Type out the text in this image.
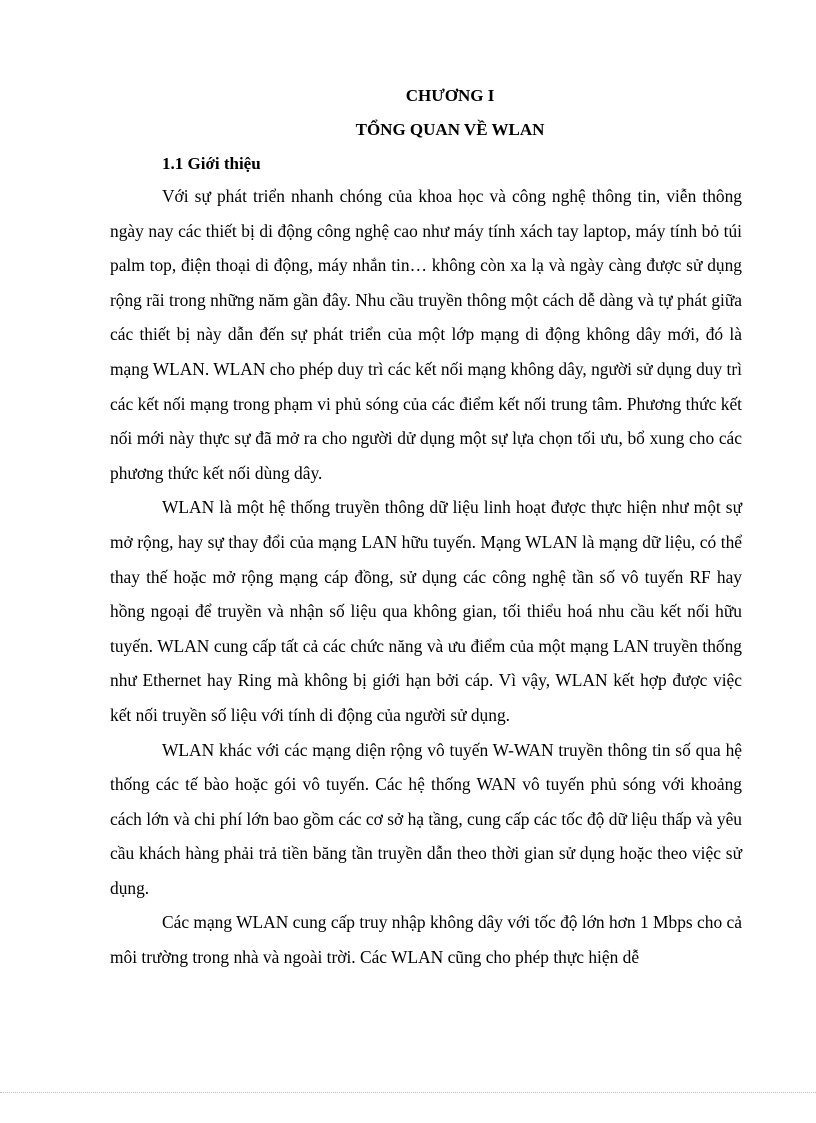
CHƯƠNG I
TỔNG QUAN VỀ WLAN
1.1 Giới thiệu

Với sự phát triển nhanh chóng của khoa học và công nghệ thông tin, viễn thông ngày nay các thiết bị di động công nghệ cao như máy tính xách tay laptop, máy tính bỏ túi palm top, điện thoại di động, máy nhắn tin… không còn xa lạ và ngày càng được sử dụng rộng rãi trong những năm gần đây. Nhu cầu truyền thông một cách dễ dàng và tự phát giữa các thiết bị này dẫn đến sự phát triển của một lớp mạng di động không dây mới, đó là mạng WLAN. WLAN cho phép duy trì các kết nối mạng không dây, người sử dụng duy trì các kết nối mạng trong phạm vi phủ sóng của các điểm kết nối trung tâm. Phương thức kết nối mới này thực sự đã mở ra cho người dử dụng một sự lựa chọn tối ưu, bổ xung cho các phương thức kết nối dùng dây.

WLAN là một hệ thống truyền thông dữ liệu linh hoạt được thực hiện như một sự mở rộng, hay sự thay đổi của mạng LAN hữu tuyến. Mạng WLAN là mạng dữ liệu, có thể thay thế hoặc mở rộng mạng cáp đồng, sử dụng các công nghệ tần số vô tuyến RF hay hồng ngoại để truyền và nhận số liệu qua không gian, tối thiểu hoá nhu cầu kết nối hữu tuyến. WLAN cung cấp tất cả các chức năng và ưu điểm của một mạng LAN truyền thống như Ethernet hay Ring mà không bị giới hạn bởi cáp. Vì vậy, WLAN kết hợp được việc kết nối truyền số liệu với tính di động của người sử dụng.

WLAN khác với các mạng diện rộng vô tuyến W-WAN truyền thông tin số qua hệ thống các tế bào hoặc gói vô tuyến. Các hệ thống WAN vô tuyến phủ sóng với khoảng cách lớn và chi phí lớn bao gồm các cơ sở hạ tầng, cung cấp các tốc độ dữ liệu thấp và yêu cầu khách hàng phải trả tiền băng tần truyền dẫn theo thời gian sử dụng hoặc theo việc sử dụng.

Các mạng WLAN cung cấp truy nhập không dây với tốc độ lớn hơn 1 Mbps cho cả môi trường trong nhà và ngoài trời. Các WLAN cũng cho phép thực hiện dễ
